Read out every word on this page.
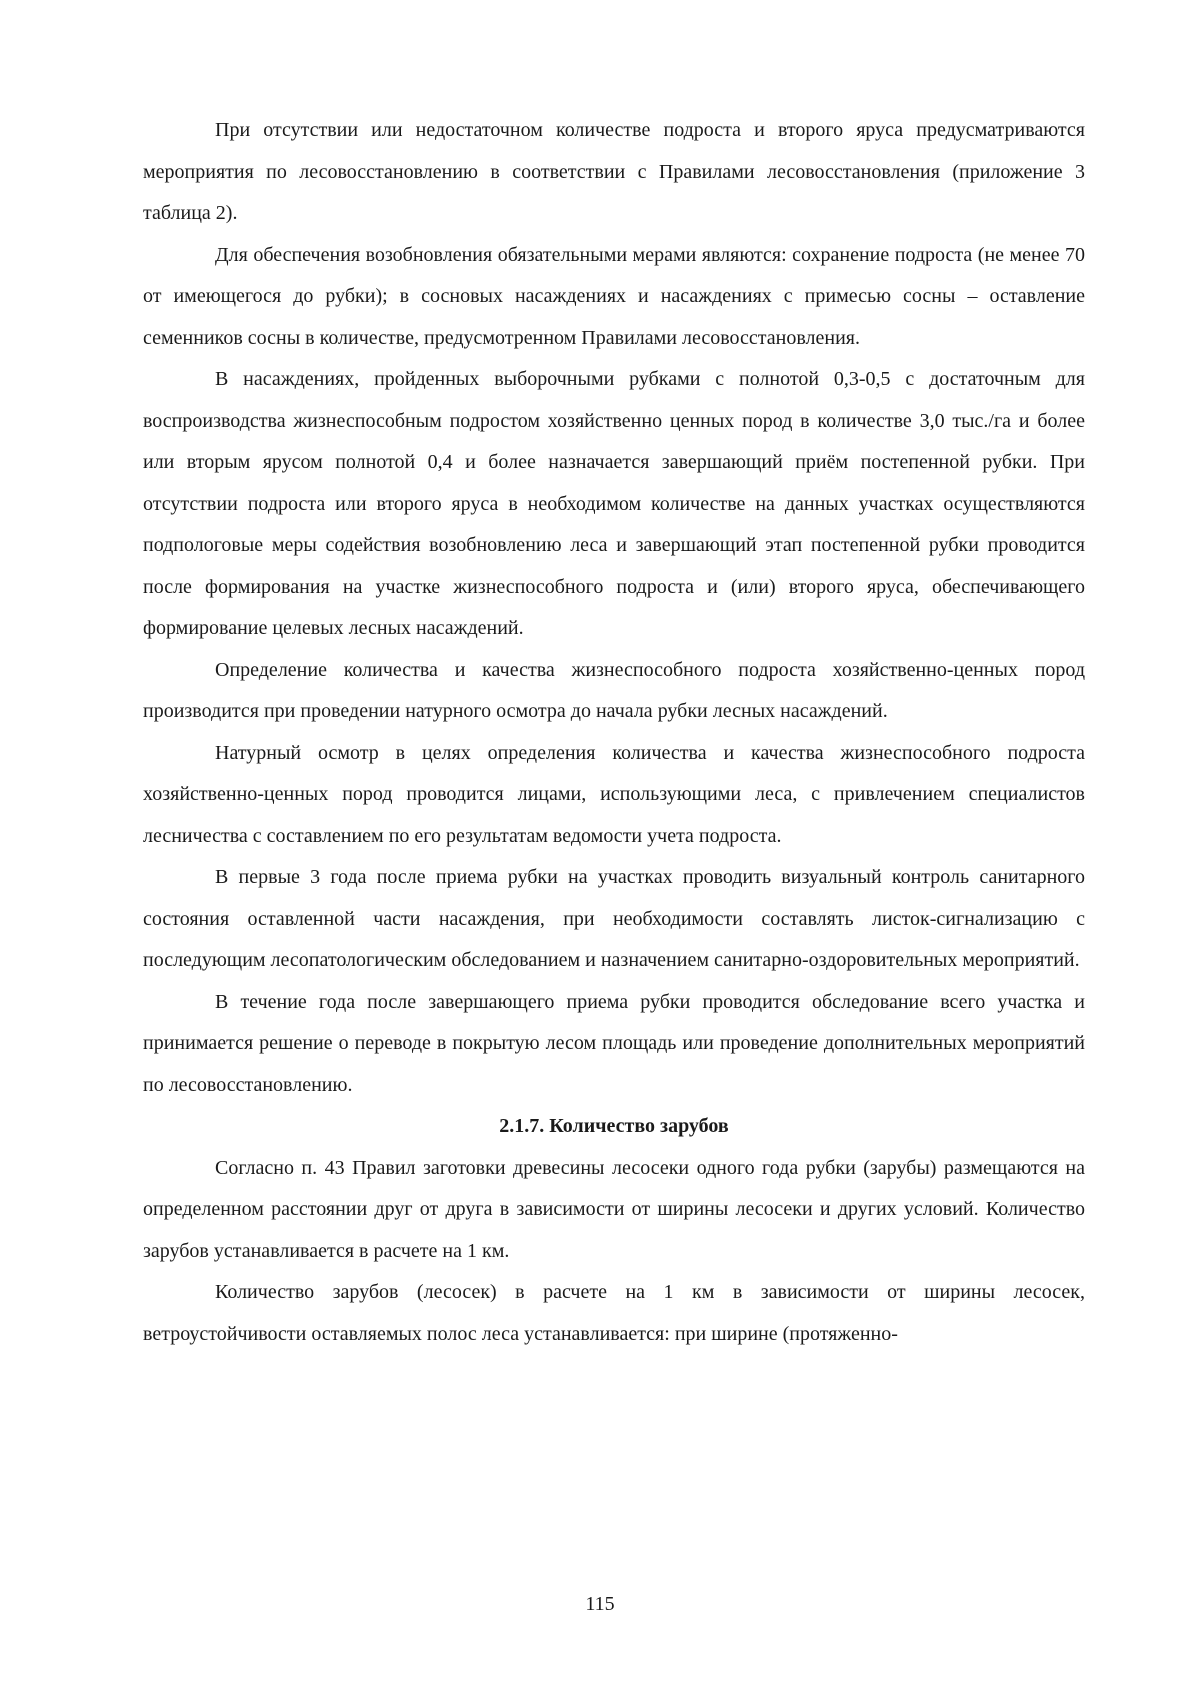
При отсутствии или недостаточном количестве подроста и второго яруса предусматриваются мероприятия по лесовосстановлению в соответствии с Правилами лесовосстановления (приложение 3 таблица 2).

Для обеспечения возобновления обязательными мерами являются: сохранение подроста (не менее 70 от имеющегося до рубки); в сосновых насаждениях и насаждениях с примесью сосны – оставление семенников сосны в количестве, предусмотренном Правилами лесовосстановления.

В насаждениях, пройденных выборочными рубками с полнотой 0,3-0,5 с достаточным для воспроизводства жизнеспособным подростом хозяйственно ценных пород в количестве 3,0 тыс./га и более или вторым ярусом полнотой 0,4 и более назначается завершающий приём постепенной рубки. При отсутствии подроста или второго яруса в необходимом количестве на данных участках осуществляются подпологовые меры содействия возобновлению леса и завершающий этап постепенной рубки проводится после формирования на участке жизнеспособного подроста и (или) второго яруса, обеспечивающего формирование целевых лесных насаждений.

Определение количества и качества жизнеспособного подроста хозяйственно-ценных пород производится при проведении натурного осмотра до начала рубки лесных насаждений.

Натурный осмотр в целях определения количества и качества жизнеспособного подроста хозяйственно-ценных пород проводится лицами, использующими леса, с привлечением специалистов лесничества с составлением по его результатам ведомости учета подроста.

В первые 3 года после приема рубки на участках проводить визуальный контроль санитарного состояния оставленной части насаждения, при необходимости составлять листок-сигнализацию с последующим лесопатологическим обследованием и назначением санитарно-оздоровительных мероприятий.

В течение года после завершающего приема рубки проводится обследование всего участка и принимается решение о переводе в покрытую лесом площадь или проведение дополнительных мероприятий по лесовосстановлению.

2.1.7. Количество зарубов

Согласно п. 43 Правил заготовки древесины лесосеки одного года рубки (зарубы) размещаются на определенном расстоянии друг от друга в зависимости от ширины лесосеки и других условий. Количество зарубов устанавливается в расчете на 1 км.

Количество зарубов (лесосек) в расчете на 1 км в зависимости от ширины лесосек, ветроустойчивости оставляемых полос леса устанавливается: при ширине (протяженно-

115
